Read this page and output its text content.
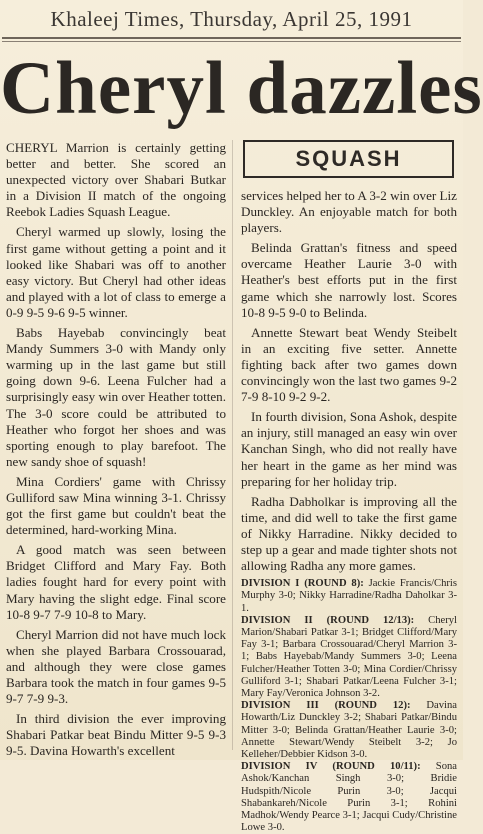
Khaleej Times, Thursday, April 25, 1991
Cheryl dazzles

CHERYL Marrion is certainly getting better and better. She scored an unexpected victory over Shabari Butkar in a Division II match of the ongoing Reebok Ladies Squash League.

Cheryl warmed up slowly, losing the first game without getting a point and it looked like Shabari was off to another easy victory. But Cheryl had other ideas and played with a lot of class to emerge a 0-9 9-5 9-6 9-5 winner.

Babs Hayebab convincingly beat Mandy Summers 3-0 with Mandy only warming up in the last game but still going down 9-6. Leena Fulcher had a surprisingly easy win over Heather totten. The 3-0 score could be attributed to Heather who forgot her shoes and was sporting enough to play barefoot. The new sandy shoe of squash!

Mina Cordiers' game with Chrissy Gulliford saw Mina winning 3-1. Chrissy got the first game but couldn't beat the determined, hard-working Mina.

A good match was seen between Bridget Clifford and Mary Fay. Both ladies fought hard for every point with Mary having the slight edge. Final score 10-8 9-7 7-9 10-8 to Mary.

Cheryl Marrion did not have much lock when she played Barbara Crossouarad, and although they were close games Barbara took the match in four games 9-5 9-7 7-9 9-3.

In third division the ever improving Shabari Patkar beat Bindu Mitter 9-5 9-3 9-5. Davina Howarth's excellent

SQUASH

services helped her to A 3-2 win over Liz Dunckley. An enjoyable match for both players.

Belinda Grattan's fitness and speed overcame Heather Laurie 3-0 with Heather's best efforts put in the first game which she narrowly lost. Scores 10-8 9-5 9-0 to Belinda.

Annette Stewart beat Wendy Steibelt in an exciting five setter. Annette fighting back after two games down convincingly won the last two games 9-2 7-9 8-10 9-2 9-2.

In fourth division, Sona Ashok, despite an injury, still managed an easy win over Kanchan Singh, who did not really have her heart in the game as her mind was preparing for her holiday trip.

Radha Dabholkar is improving all the time, and did well to take the first game of Nikky Harradine. Nikky decided to step up a gear and made tighter shots not allowing Radha any more games.

DIVISION I (ROUND 8): Jackie Francis/Chris Murphy 3-0; Nikky Harradine/Radha Daholkar 3-1.

DIVISION II (ROUND 12/13): Cheryl Marion/Shabari Patkar 3-1; Bridget Clifford/Mary Fay 3-1; Barbara Crossouarad/Cheryl Marrion 3-1; Babs Hayebab/Mandy Summers 3-0; Leena Fulcher/Heather Totten 3-0; Mina Cordier/Chrissy Gulliford 3-1; Shabari Patkar/Leena Fulcher 3-1; Mary Fay/Veronica Johnson 3-2.

DIVISION III (ROUND 12): Davina Howarth/Liz Dunckley 3-2; Shabari Patkar/Bindu Mitter 3-0; Belinda Grattan/Heather Laurie 3-0; Annette Stewart/Wendy Steibelt 3-2; Jo Kelleher/Debbier Kidson 3-0.

DIVISION IV (ROUND 10/11): Sona Ashok/Kanchan Singh 3-0; Bridie Hudspith/Nicole Purin 3-0; Jacqui Shabankareh/Nicole Purin 3-1; Rohini Madhok/Wendy Pearce 3-1; Jacqui Cudy/Christine Lowe 3-0.
